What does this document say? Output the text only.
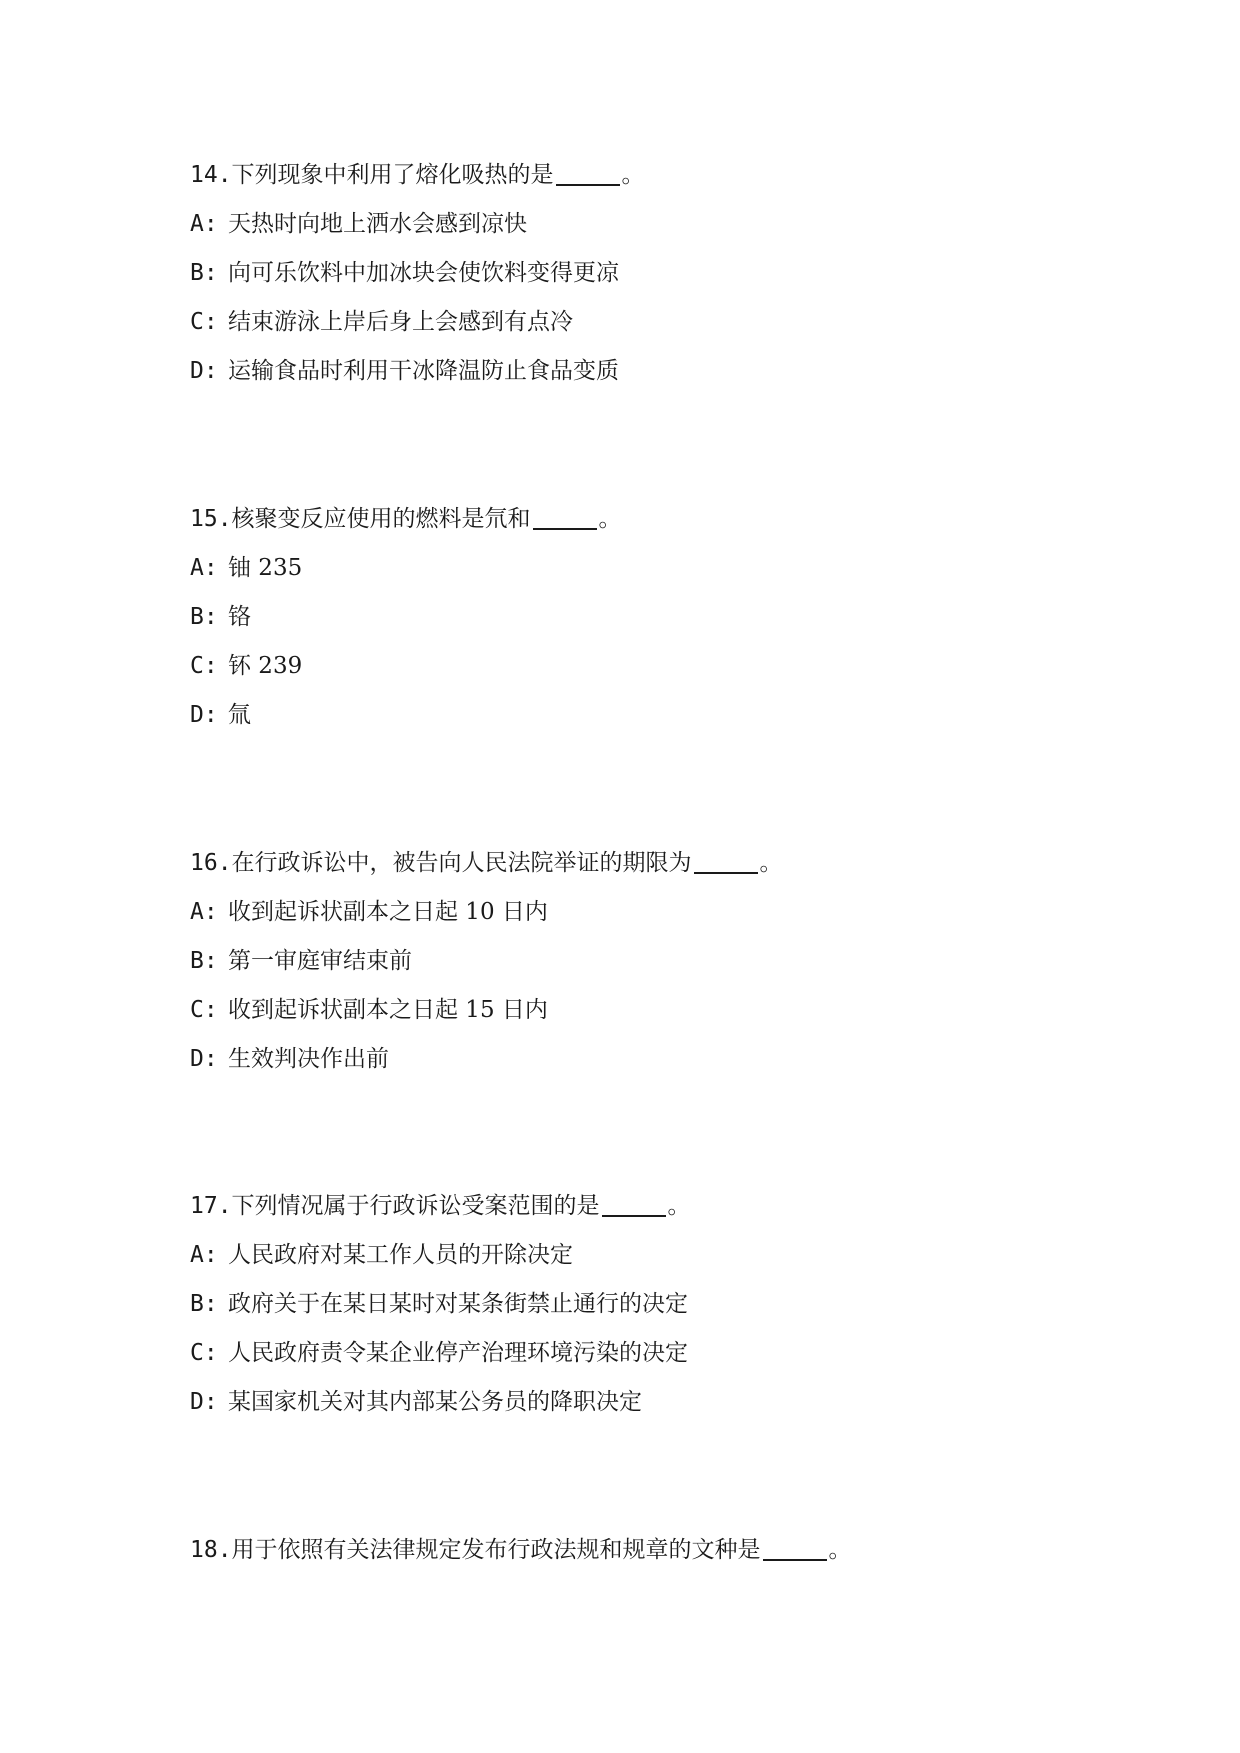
14.下列现象中利用了熔化吸热的是	。
A: 天热时向地上洒水会感到凉快
B: 向可乐饮料中加冰块会使饮料变得更凉
C: 结束游泳上岸后身上会感到有点冷
D: 运输食品时利用干冰降温防止食品变质
15.核聚变反应使用的燃料是氘和	。
A: 铀 235
B: 铬
C: 钚 239
D: 氚
16.在行政诉讼中，被告向人民法院举证的期限为	。
A: 收到起诉状副本之日起 10 日内
B: 第一审庭审结束前
C: 收到起诉状副本之日起 15 日内
D: 生效判决作出前
17.下列情况属于行政诉讼受案范围的是	。
A: 人民政府对某工作人员的开除决定
B: 政府关于在某日某时对某条街禁止通行的决定
C: 人民政府责令某企业停产治理环境污染的决定
D: 某国家机关对其内部某公务员的降职决定
18.用于依照有关法律规定发布行政法规和规章的文种是	。
